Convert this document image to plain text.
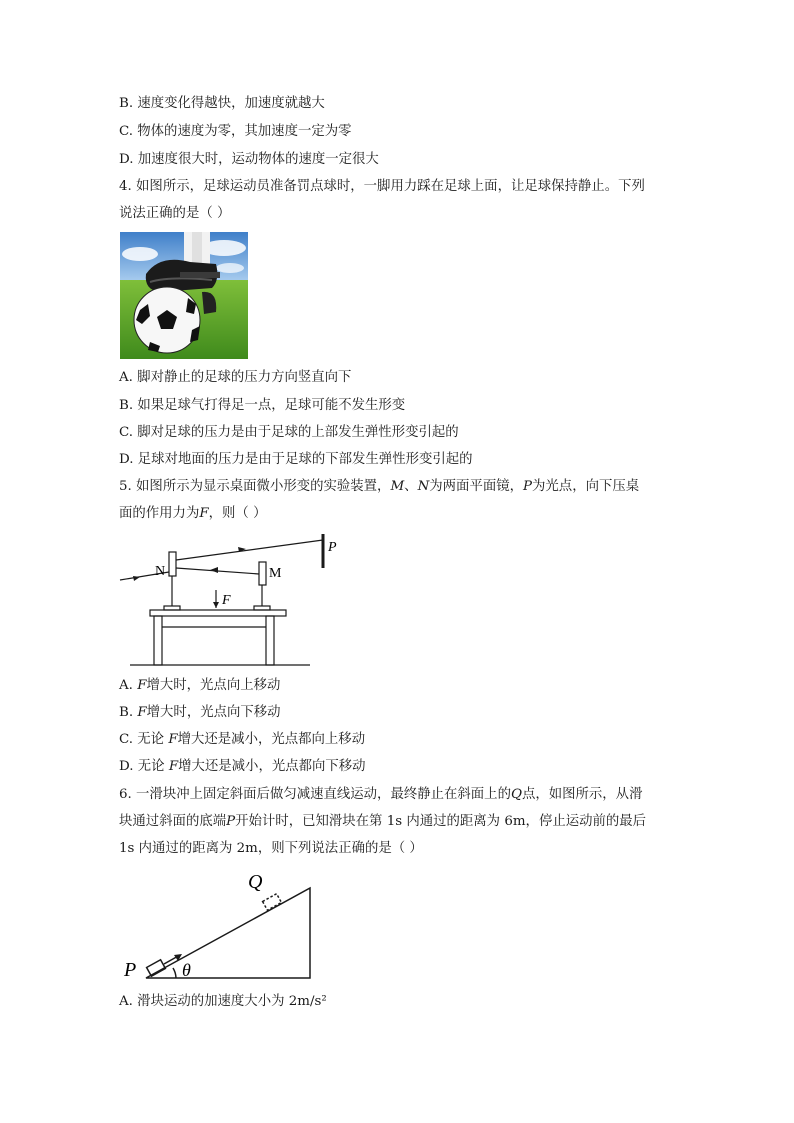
B. 速度变化得越快，加速度就越大
C. 物体的速度为零，其加速度一定为零
D. 加速度很大时，运动物体的速度一定很大
4. 如图所示，足球运动员准备罚点球时，一脚用力踩在足球上面，让足球保持静止。下列
说法正确的是（ ）
A. 脚对静止的足球的压力方向竖直向下
B. 如果足球气打得足一点，足球可能不发生形变
C. 脚对足球的压力是由于足球的上部发生弹性形变引起的
D. 足球对地面的压力是由于足球的下部发生弹性形变引起的
5. 如图所示为显示桌面微小形变的实验装置，M、N为两面平面镜，P为光点，向下压桌
面的作用力为F，则（ ）
N	M
P
F
A. F增大时，光点向上移动
B. F增大时，光点向下移动
C. 无论 F增大还是减小，光点都向上移动
D. 无论 F增大还是减小，光点都向下移动
6. 一滑块冲上固定斜面后做匀减速直线运动，最终静止在斜面上的Q点，如图所示，从滑
块通过斜面的底端P开始计时，已知滑块在第 1s 内通过的距离为 6m，停止运动前的最后
1s 内通过的距离为 2m，则下列说法正确的是（ ）
Q
P	θ
A. 滑块运动的加速度大小为 2m/s²
